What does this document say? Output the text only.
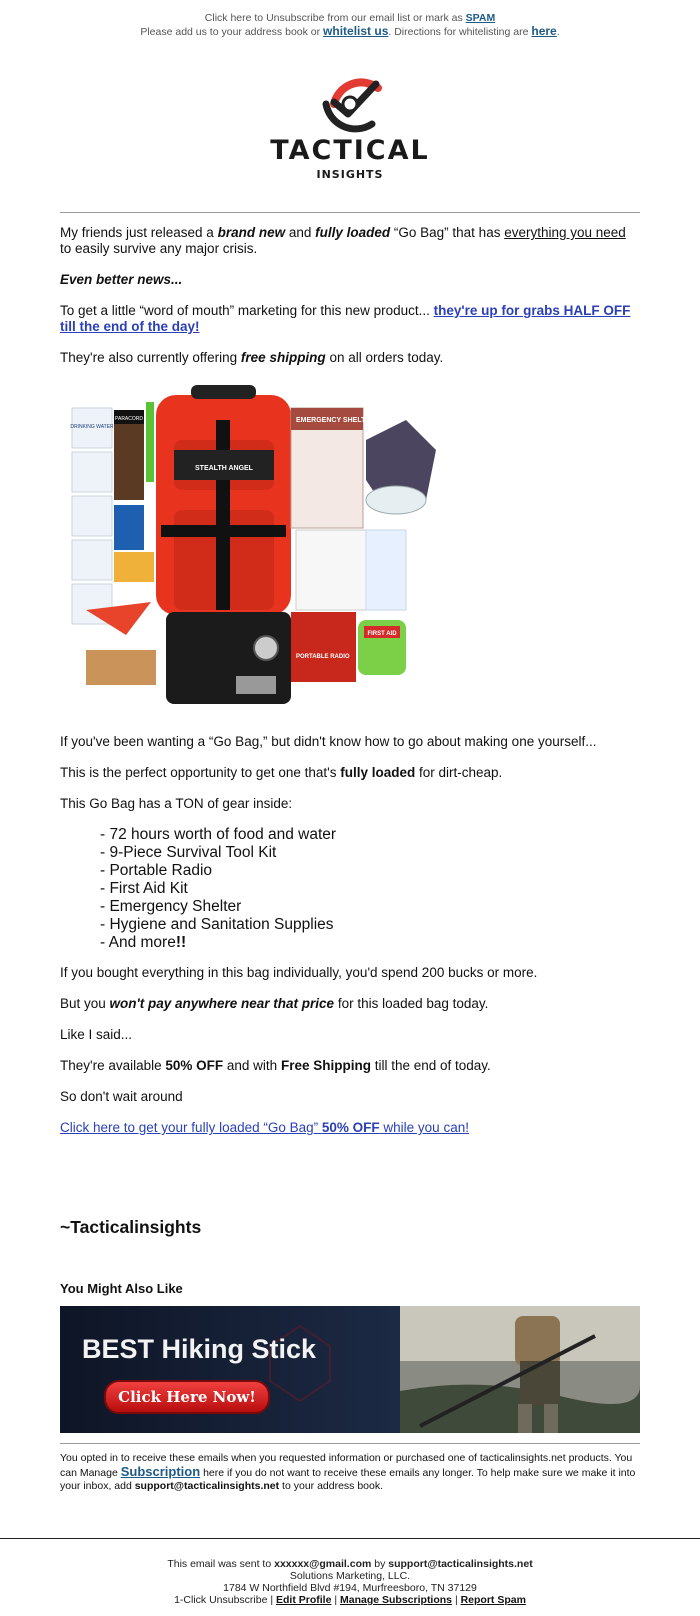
Click here to Unsubscribe from our email list or mark as SPAM
Please add us to your address book or whitelist us. Directions for whitelisting are here.
TACTICAL
INSIGHTS

My friends just released a brand new and fully loaded “Go Bag” that has everything you need to easily survive any major crisis.

Even better news...

To get a little “word of mouth” marketing for this new product... they're up for grabs HALF OFF till the end of the day!

They're also currently offering free shipping on all orders today.

DRINKING WATER
PARACORD
STEALTH ANGEL
EMERGENCY SHELTER
PORTABLE RADIO
FIRST AID

If you've been wanting a “Go Bag,” but didn't know how to go about making one yourself...

This is the perfect opportunity to get one that's fully loaded for dirt-cheap.

This Go Bag has a TON of gear inside:

- 72 hours worth of food and water
- 9-Piece Survival Tool Kit
- Portable Radio
- First Aid Kit
- Emergency Shelter
- Hygiene and Sanitation Supplies
- And more!!

If you bought everything in this bag individually, you'd spend 200 bucks or more.

But you won't pay anywhere near that price for this loaded bag today.

Like I said...

They're available 50% OFF and with Free Shipping till the end of today.

So don't wait around

Click here to get your fully loaded “Go Bag” 50% OFF while you can!

~Tacticalinsights
You Might Also Like
BEST Hiking Stick
Click Here Now!
You opted in to receive these emails when you requested information or purchased one of tacticalinsights.net products. You can Manage Subscription here if you do not want to receive these emails any longer. To help make sure we make it into your inbox, add support@tacticalinsights.net to your address book.
This email was sent to xxxxxx@gmail.com by support@tacticalinsights.net
Solutions Marketing, LLC.
1784 W Northfield Blvd #194, Murfreesboro, TN 37129
1-Click Unsubscribe | Edit Profile | Manage Subscriptions | Report Spam
